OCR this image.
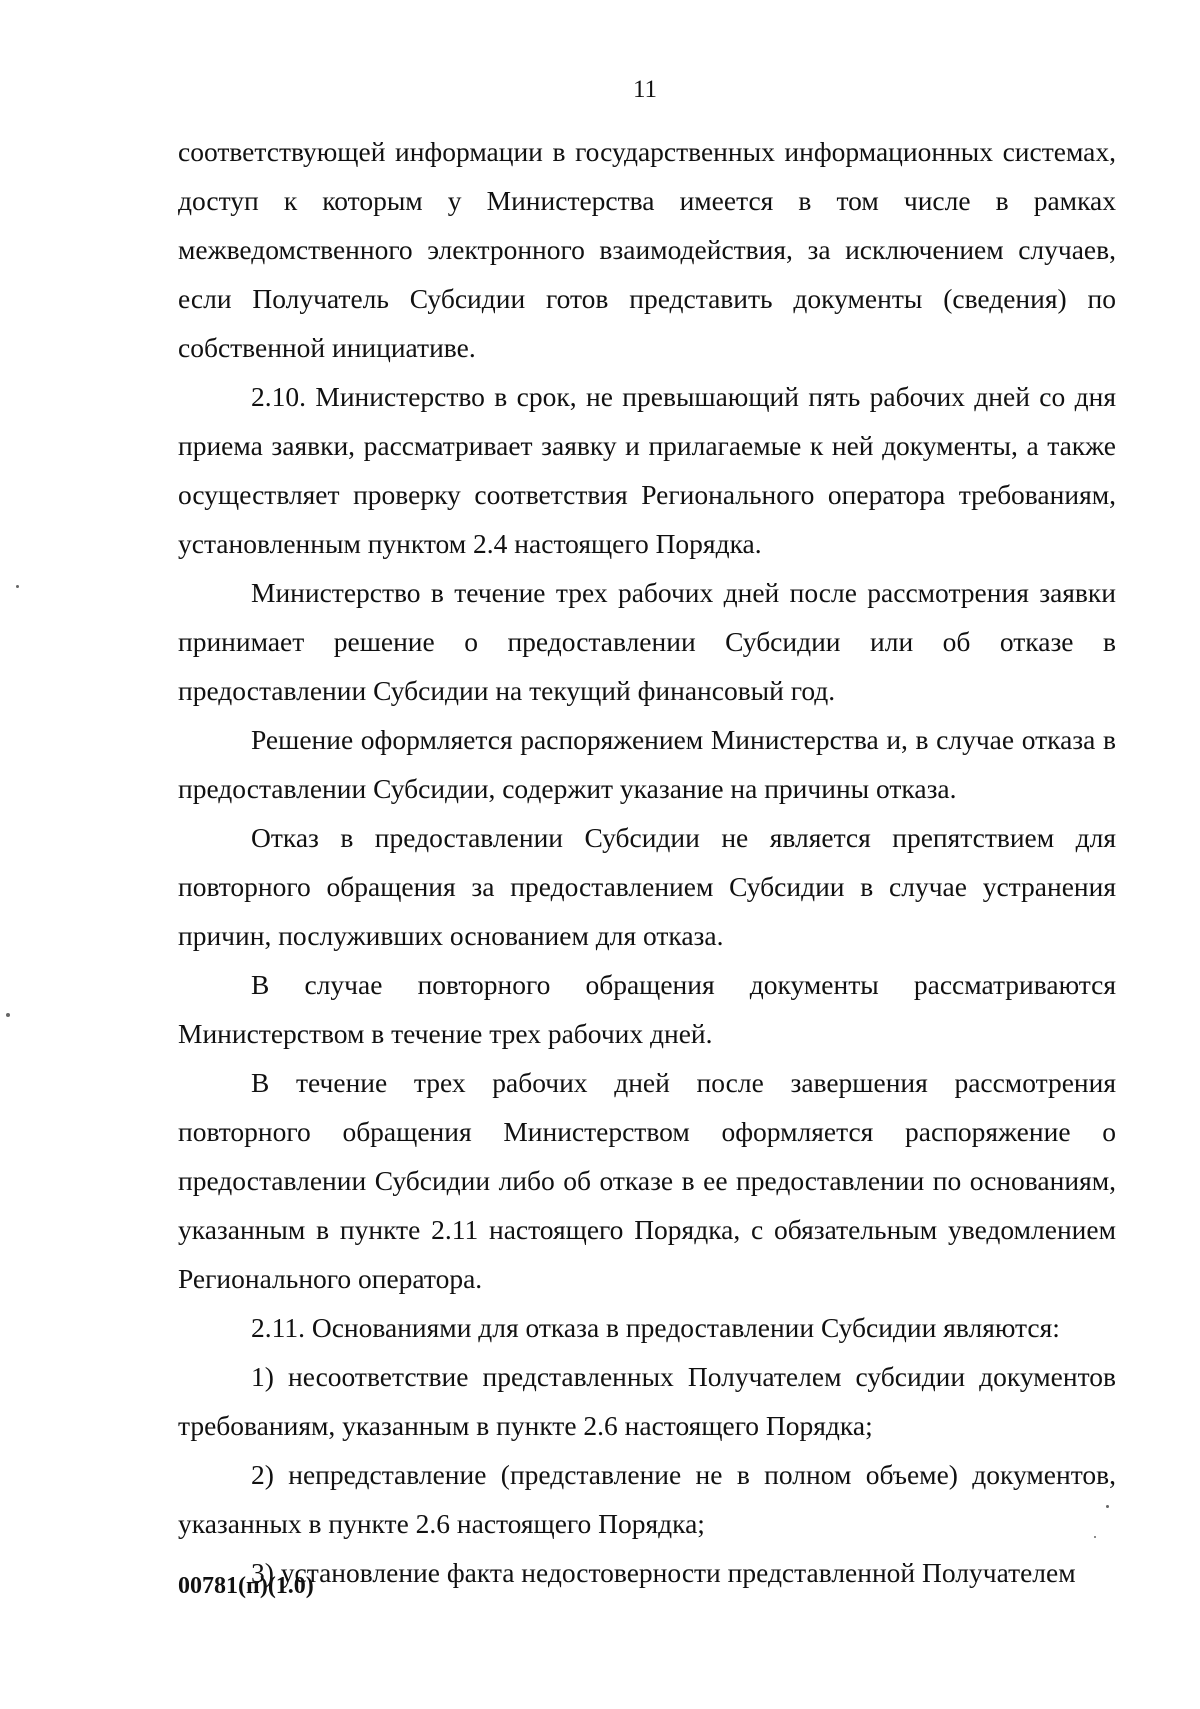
11

соответствующей информации в государственных информационных системах, доступ к которым у Министерства имеется в том числе в рамках межведомственного электронного взаимодействия, за исключением случаев, если Получатель Субсидии готов представить документы (сведения) по собственной инициативе.

2.10. Министерство в срок, не превышающий пять рабочих дней со дня приема заявки, рассматривает заявку и прилагаемые к ней документы, а также осуществляет проверку соответствия Регионального оператора требованиям, установленным пунктом 2.4 настоящего Порядка.

Министерство в течение трех рабочих дней после рассмотрения заявки принимает решение о предоставлении Субсидии или об отказе в предоставлении Субсидии на текущий финансовый год.

Решение оформляется распоряжением Министерства и, в случае отказа в предоставлении Субсидии, содержит указание на причины отказа.

Отказ в предоставлении Субсидии не является препятствием для повторного обращения за предоставлением Субсидии в случае устранения причин, послуживших основанием для отказа.

В случае повторного обращения документы рассматриваются Министерством в течение трех рабочих дней.

В течение трех рабочих дней после завершения рассмотрения повторного обращения Министерством оформляется распоряжение о предоставлении Субсидии либо об отказе в ее предоставлении по основаниям, указанным в пункте 2.11 настоящего Порядка, с обязательным уведомлением Регионального оператора.

2.11. Основаниями для отказа в предоставлении Субсидии являются:

1) несоответствие представленных Получателем субсидии документов требованиям, указанным в пункте 2.6 настоящего Порядка;

2) непредставление (представление не в полном объеме) документов, указанных в пункте 2.6 настоящего Порядка;

3) установление факта недостоверности представленной Получателем

00781(п)(1.0)
